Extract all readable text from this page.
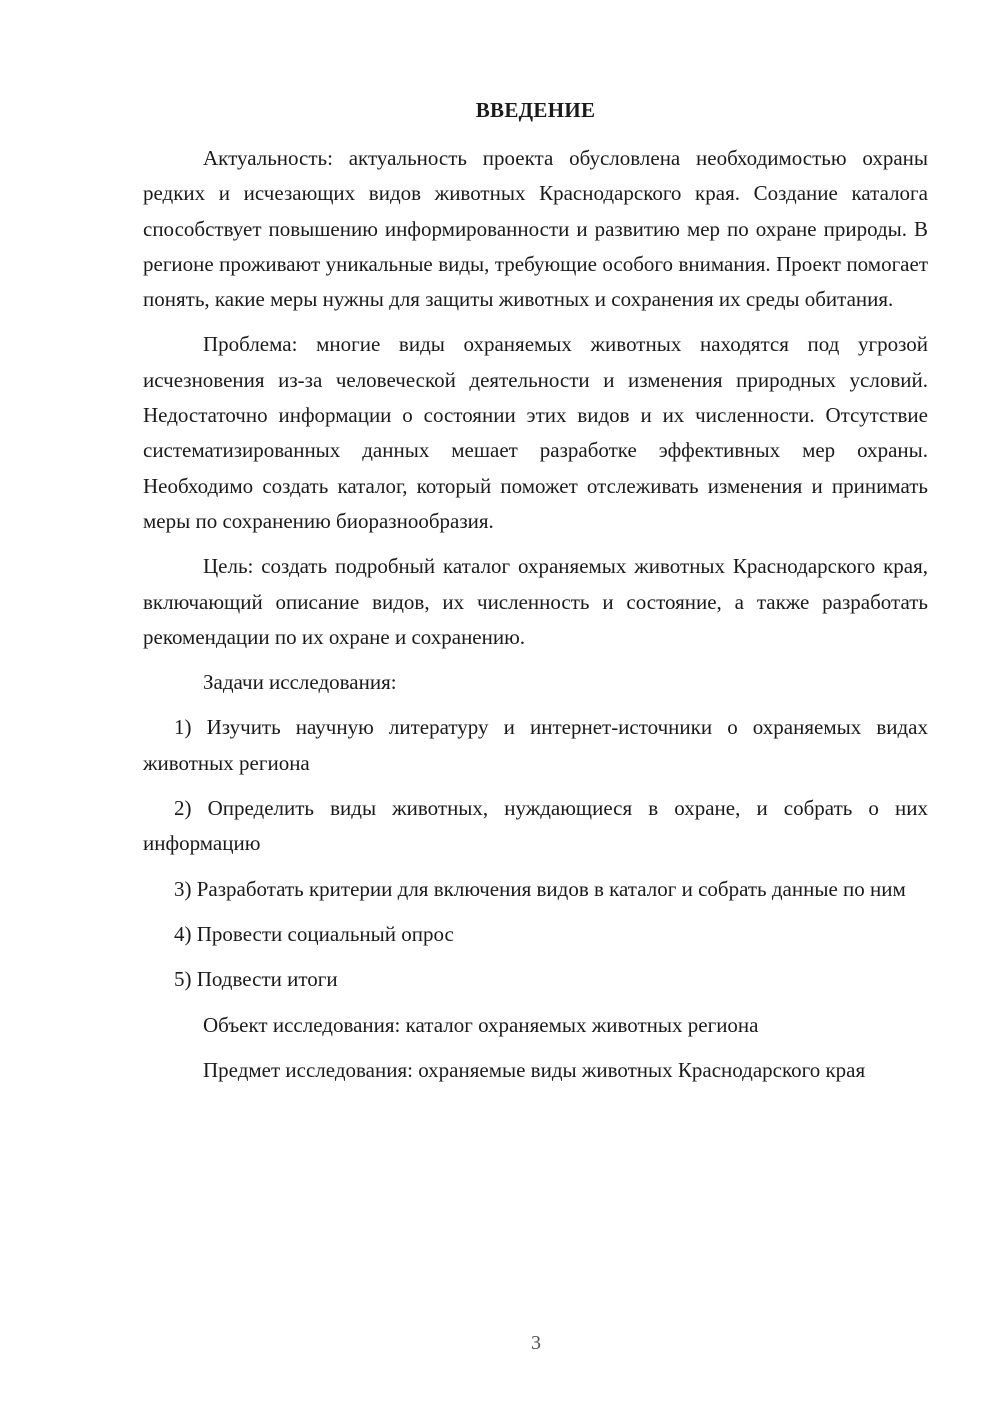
ВВЕДЕНИЕ

Актуальность: актуальность проекта обусловлена необходимостью охраны редких и исчезающих видов животных Краснодарского края. Создание каталога способствует повышению информированности и развитию мер по охране природы. В регионе проживают уникальные виды, требующие особого внимания. Проект помогает понять, какие меры нужны для защиты животных и сохранения их среды обитания.

Проблема: многие виды охраняемых животных находятся под угрозой исчезновения из-за человеческой деятельности и изменения природных условий. Недостаточно информации о состоянии этих видов и их численности. Отсутствие систематизированных данных мешает разработке эффективных мер охраны. Необходимо создать каталог, который поможет отслеживать изменения и принимать меры по сохранению биоразнообразия.

Цель: создать подробный каталог охраняемых животных Краснодарского края, включающий описание видов, их численность и состояние, а также разработать рекомендации по их охране и сохранению.

Задачи исследования:

1) Изучить научную литературу и интернет-источники о охраняемых видах животных региона

2) Определить виды животных, нуждающиеся в охране, и собрать о них информацию

3) Разработать критерии для включения видов в каталог и собрать данные по ним

4) Провести социальный опрос

5) Подвести итоги

Объект исследования: каталог охраняемых животных региона

Предмет исследования: охраняемые виды животных Краснодарского края

3
